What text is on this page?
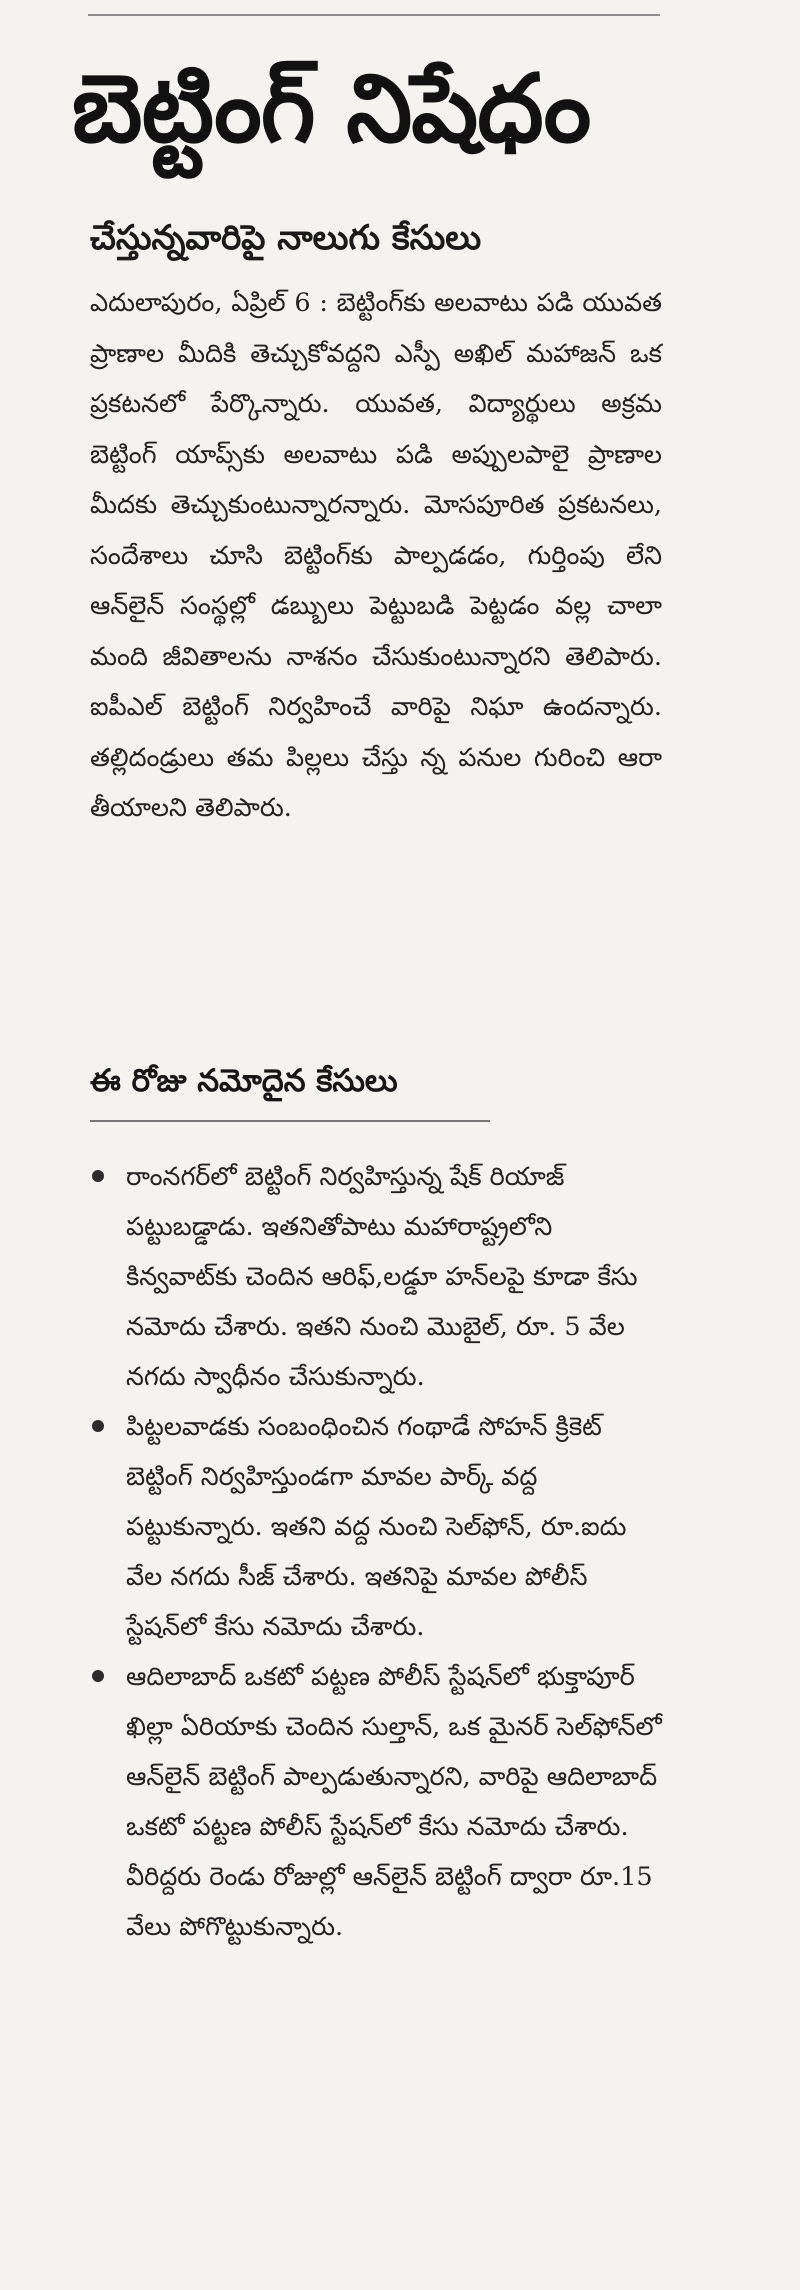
బెట్టింగ్ నిషేధం
చేస్తున్నవారిపై నాలుగు కేసులు

ఎదులాపురం, ఏప్రిల్ 6 : బెట్టింగ్‌కు అలవాటు పడి యువత ప్రాణాల మీదికి తెచ్చుకోవద్దని ఎస్పీ అఖిల్ మహాజన్ ఒక ప్రకటనలో పేర్కొన్నారు. యువత, విద్యార్థులు అక్రమ బెట్టింగ్ యాప్స్‌కు అలవాటు పడి అప్పులపాలై ప్రాణాల మీదకు తెచ్చుకుంటున్నారన్నారు. మోసపూరిత ప్రకటనలు, సందేశాలు చూసి బెట్టింగ్‌కు పాల్పడడం, గుర్తింపు లేని ఆన్‌లైన్ సంస్థల్లో డబ్బులు పెట్టుబడి పెట్టడం వల్ల చాలా మంది జీవితాలను నాశనం చేసుకుంటున్నారని తెలిపారు. ఐపీఎల్ బెట్టింగ్ నిర్వహించే వారిపై నిఘా ఉందన్నారు. తల్లిదండ్రులు తమ పిల్లలు చేస్తు న్న పనుల గురించి ఆరా తీయాలని తెలిపారు.

ఈ రోజు నమోదైన కేసులు
రాంనగర్‌లో బెట్టింగ్ నిర్వహిస్తున్న షేక్ రియాజ్ పట్టుబడ్డాడు. ఇతనితోపాటు మహారాష్ట్రలోని కిన్వవాట్‌కు చెందిన ఆరిఫ్,లడ్డూ హన్‌లపై కూడా కేసు నమోదు చేశారు. ఇతని నుంచి మొబైల్, రూ. 5 వేల నగదు స్వాధీనం చేసుకున్నారు.
పిట్టలవాడకు సంబంధించిన గంథాడే సోహన్ క్రికెట్ బెట్టింగ్ నిర్వహిస్తుండగా మావల పార్క్ వద్ద పట్టుకున్నారు. ఇతని వద్ద నుంచి సెల్‌ఫోన్, రూ.ఐదు వేల నగదు సీజ్ చేశారు. ఇతనిపై మావల పోలీస్ స్టేషన్‌లో కేసు నమోదు చేశారు.
ఆదిలాబాద్ ఒకటో పట్టణ పోలీస్ స్టేషన్‌లో భుక్తాపూర్ ఖిల్లా ఏరియాకు చెందిన సుల్తాన్, ఒక మైనర్ సెల్‌ఫోన్‌లో ఆన్‌లైన్ బెట్టింగ్ పాల్పడుతున్నారని, వారిపై ఆదిలాబాద్ ఒకటో పట్టణ పోలీస్ స్టేషన్‌లో కేసు నమోదు చేశారు. వీరిద్దరు రెండు రోజుల్లో ఆన్‌లైన్ బెట్టింగ్ ద్వారా రూ.15 వేలు పోగొట్టుకున్నారు.
